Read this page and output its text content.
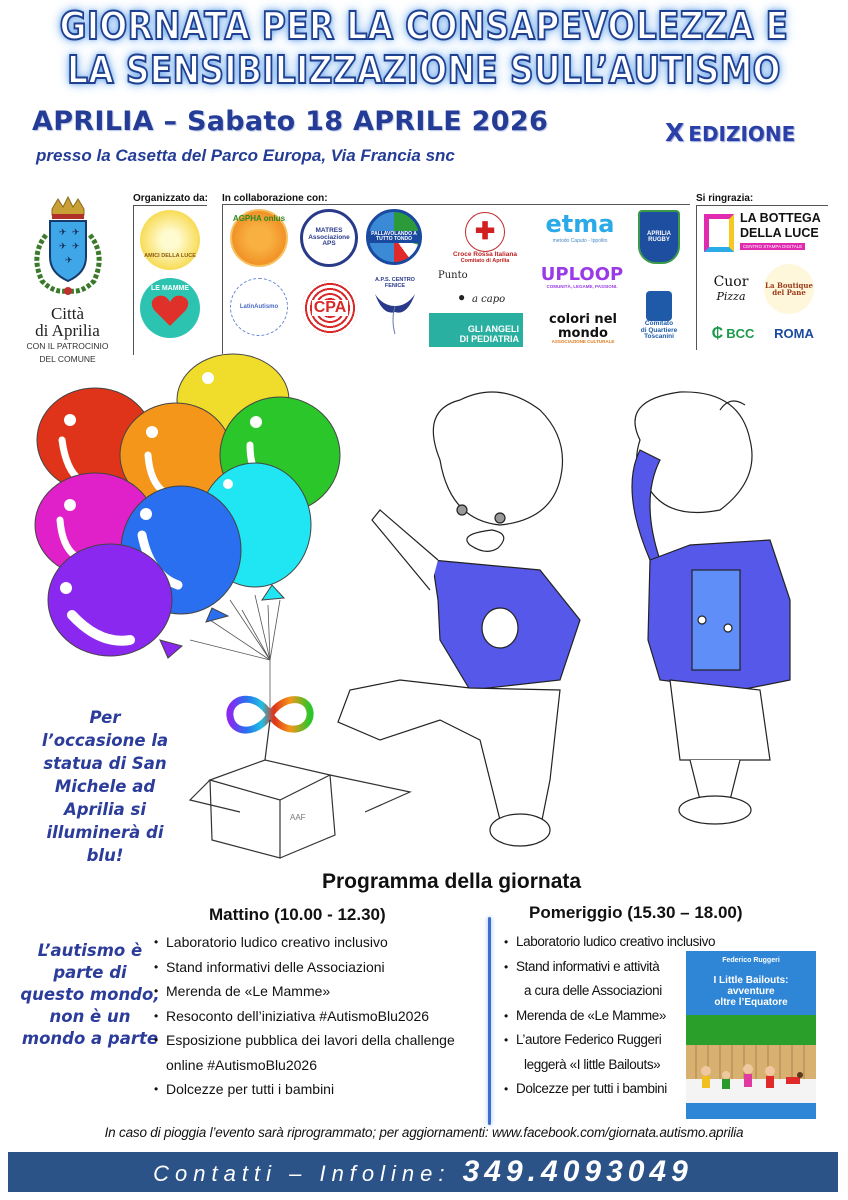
GIORNATA PER LA CONSAPEVOLEZZA E
LA SENSIBILIZZAZIONE SULL’AUTISMO
APRILIA – Sabato 18 APRILE 2026	X EDIZIONE
presso la Casetta del Parco Europa, Via Francia snc
✈ ✈
✈ ✈
✈
Città
di Aprilia
CON IL PATROCINIO
DEL COMUNE
Organizzato da:
AMICI DELLA LUCE
LE MAMME
In collaborazione con:
AGPHA onlus
MATRES Associazione APS
PALLAVOLANDO A TUTTO TONDO	✚
Croce Rossa Italiana
Comitato di Aprilia
etma
metodo Caputo - Ippolito
APRILIA RUGBY
LatinAutismo CPA
A.P.S. CENTRO FENICE
Punto
● a capo
UPLOOP
COMUNITÀ, LEGAME, PASSIONI.
GLI ANGELI
DI PEDIATRIA
colori nel mondo
ASSOCIAZIONE CULTURALE
Comitato
di Quartiere
Toscanini
Si ringrazia:
LA BOTTEGA
DELLA LUCE
CENTRO STAMPA DIGITALE
Cuor
Pizza
La Boutique del Pane
₵ BCC ROMA
AAF
Per l’occasione la statua di San Michele ad Aprilia si illuminerà di blu!
L’autismo è parte di questo mondo, non è un mondo a parte
Programma della giornata
Mattino (10.00 - 12.30)
• Laboratorio ludico creativo inclusivo
• Stand informativi delle Associazioni
• Merenda de «Le Mamme»
• Resoconto dell’iniziativa #AutismoBlu2026
• Esposizione pubblica dei lavori della challenge
online #AutismoBlu2026
• Dolcezze per tutti i bambini
Pomeriggio (15.30 – 18.00)
• Laboratorio ludico creativo inclusivo
• Stand informativi e attività
a cura delle Associazioni
• Merenda de «Le Mamme»
• L’autore Federico Ruggeri
leggerà «I little Bailouts»
• Dolcezze per tutti i bambini
Federico Ruggeri
I Little Bailouts:
avventure
oltre l’Equatore
In caso di pioggia l’evento sarà riprogrammato; per aggiornamenti: www.facebook.com/giornata.autismo.aprilia
Contatti – Infoline: 349.4093049
